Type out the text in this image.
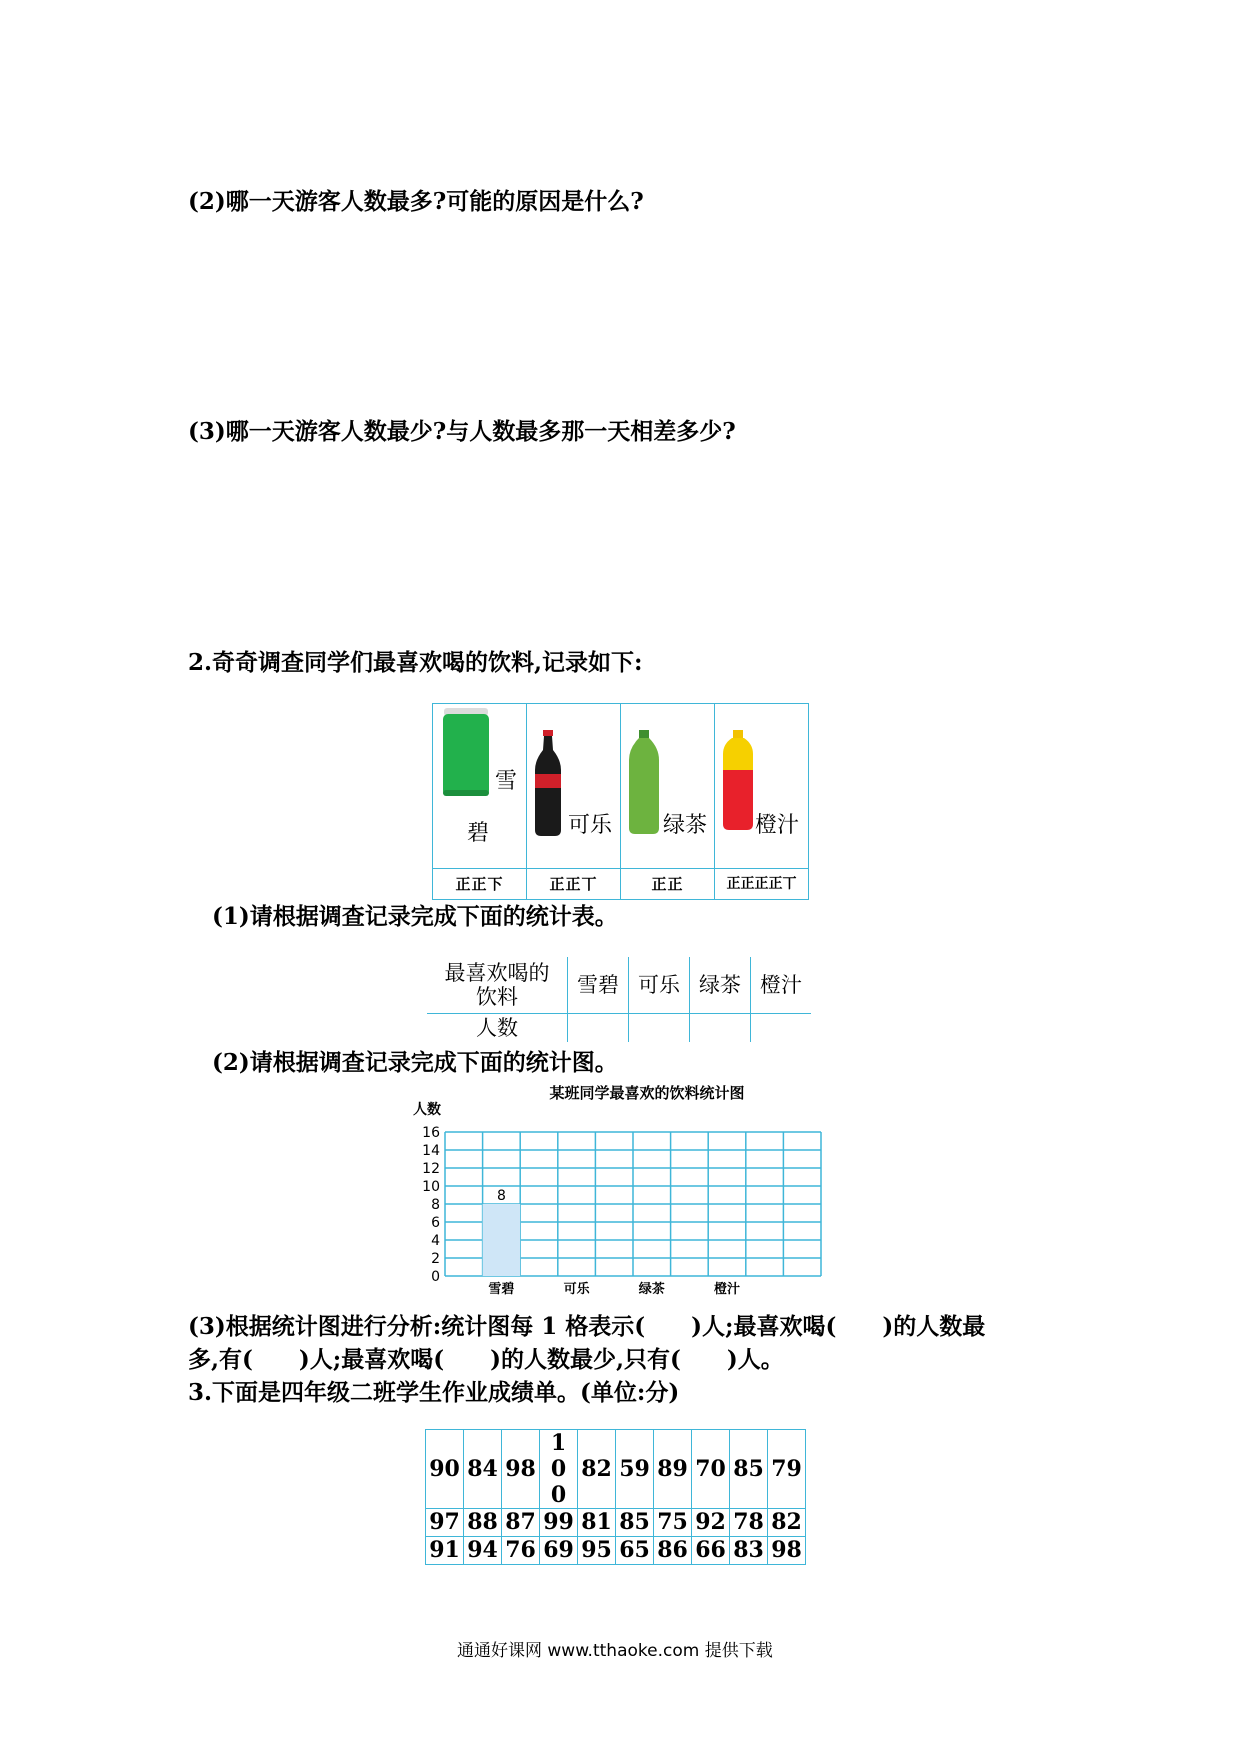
(2)哪一天游客人数最多?可能的原因是什么?
(3)哪一天游客人数最少?与人数最多那一天相差多少?
2.奇奇调查同学们最喜欢喝的饮料,记录如下:
雪
碧	可乐	绿茶	橙汁

正正下	正正丅	正正	正正正正丅
(1)请根据调查记录完成下面的统计表。
最喜欢喝的
饮料	雪碧	可乐	绿茶	橙汁
人数				
(2)请根据调查记录完成下面的统计图。
某班同学最喜欢的饮料统计图
人数
8
0
2
4
6
8
10
12
14
16
雪碧	可乐	绿茶	橙汁
(3)根据统计图进行分析:统计图每 1 格表示(　　)人;最喜欢喝(　　)的人数最
多,有(　　)人;最喜欢喝(　　)的人数最少,只有(　　)人。
3.下面是四年级二班学生作业成绩单。(单位:分)
90	84	98	100	82	59	89	70	85	79
97	88	87	99	81	85	75	92	78	82
91	94	76	69	95	65	86	66	83	98
通通好课网 www.tthaoke.com 提供下载
